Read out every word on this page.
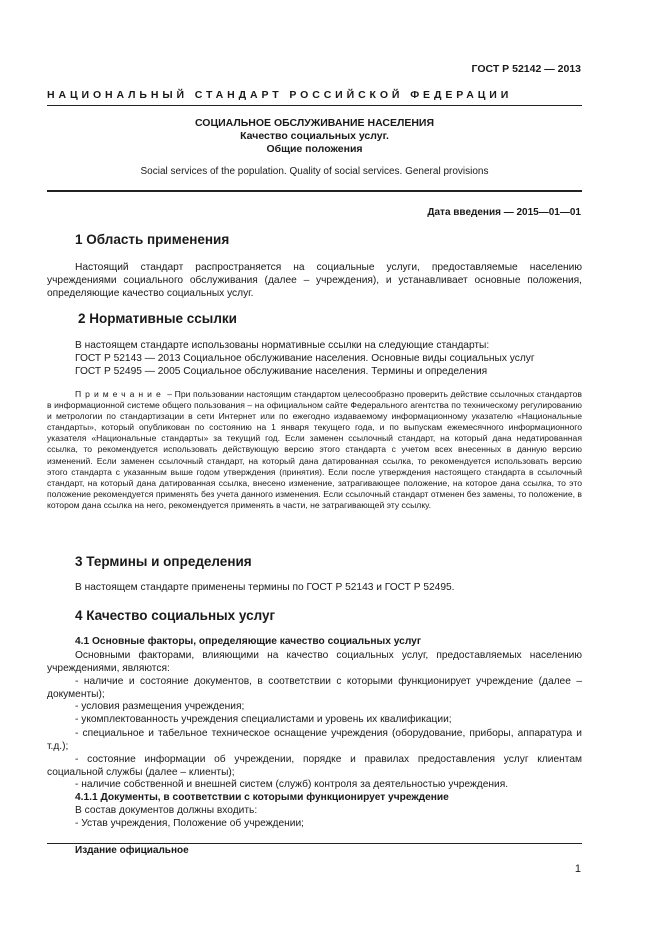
ГОСТ Р 52142 — 2013
НАЦИОНАЛЬНЫЙ СТАНДАРТ РОССИЙСКОЙ ФЕДЕРАЦИИ
СОЦИАЛЬНОЕ ОБСЛУЖИВАНИЕ НАСЕЛЕНИЯ
Качество социальных услуг.
Общие положения
Social services of the population. Quality of social services. General provisions
Дата введения — 2015—01—01
1 Область применения
Настоящий стандарт распространяется на социальные услуги, предоставляемые населению учреждениями социального обслуживания (далее – учреждения), и устанавливает основные положения, определяющие качество социальных услуг.
2 Нормативные ссылки
В настоящем стандарте использованы нормативные ссылки на следующие стандарты:
ГОСТ Р 52143 — 2013 Социальное обслуживание населения. Основные виды социальных услуг
ГОСТ Р 52495 — 2005 Социальное обслуживание населения. Термины и определения
Примечание – При пользовании настоящим стандартом целесообразно проверить действие ссылочных стандартов в информационной системе общего пользования – на официальном сайте Федерального агентства по техническому регулированию и метрологии по стандартизации в сети Интернет или по ежегодно издаваемому информационному указателю «Национальные стандарты», который опубликован по состоянию на 1 января текущего года, и по выпускам ежемесячного информационного указателя «Национальные стандарты» за текущий год. Если заменен ссылочный стандарт, на который дана недатированная ссылка, то рекомендуется использовать действующую версию этого стандарта с учетом всех внесенных в данную версию изменений. Если заменен ссылочный стандарт, на который дана датированная ссылка, то рекомендуется использовать версию этого стандарта с указанным выше годом утверждения (принятия). Если после утверждения настоящего стандарта в ссылочный стандарт, на который дана датированная ссылка, внесено изменение, затрагивающее положение, на которое дана ссылка, то это положение рекомендуется применять без учета данного изменения. Если ссылочный стандарт отменен без замены, то положение, в котором дана ссылка на него, рекомендуется применять в части, не затрагивающей эту ссылку.
3 Термины и определения
В настоящем стандарте применены термины по ГОСТ Р 52143 и ГОСТ Р 52495.
4 Качество социальных услуг
4.1 Основные факторы, определяющие качество социальных услуг
Основными факторами, влияющими на качество социальных услуг, предоставляемых населению учреждениями, являются:
- наличие и состояние документов, в соответствии с которыми функционирует учреждение (далее – документы);
- условия размещения учреждения;
- укомплектованность учреждения специалистами и уровень их квалификации;
- специальное и табельное техническое оснащение учреждения (оборудование, приборы, аппаратура и т.д.);
- состояние информации об учреждении, порядке и правилах предоставления услуг клиентам социальной службы (далее – клиенты);
- наличие собственной и внешней систем (служб) контроля за деятельностью учреждения.
4.1.1 Документы, в соответствии с которыми функционирует учреждение
В состав документов должны входить:
- Устав учреждения, Положение об учреждении;
Издание официальное
1
